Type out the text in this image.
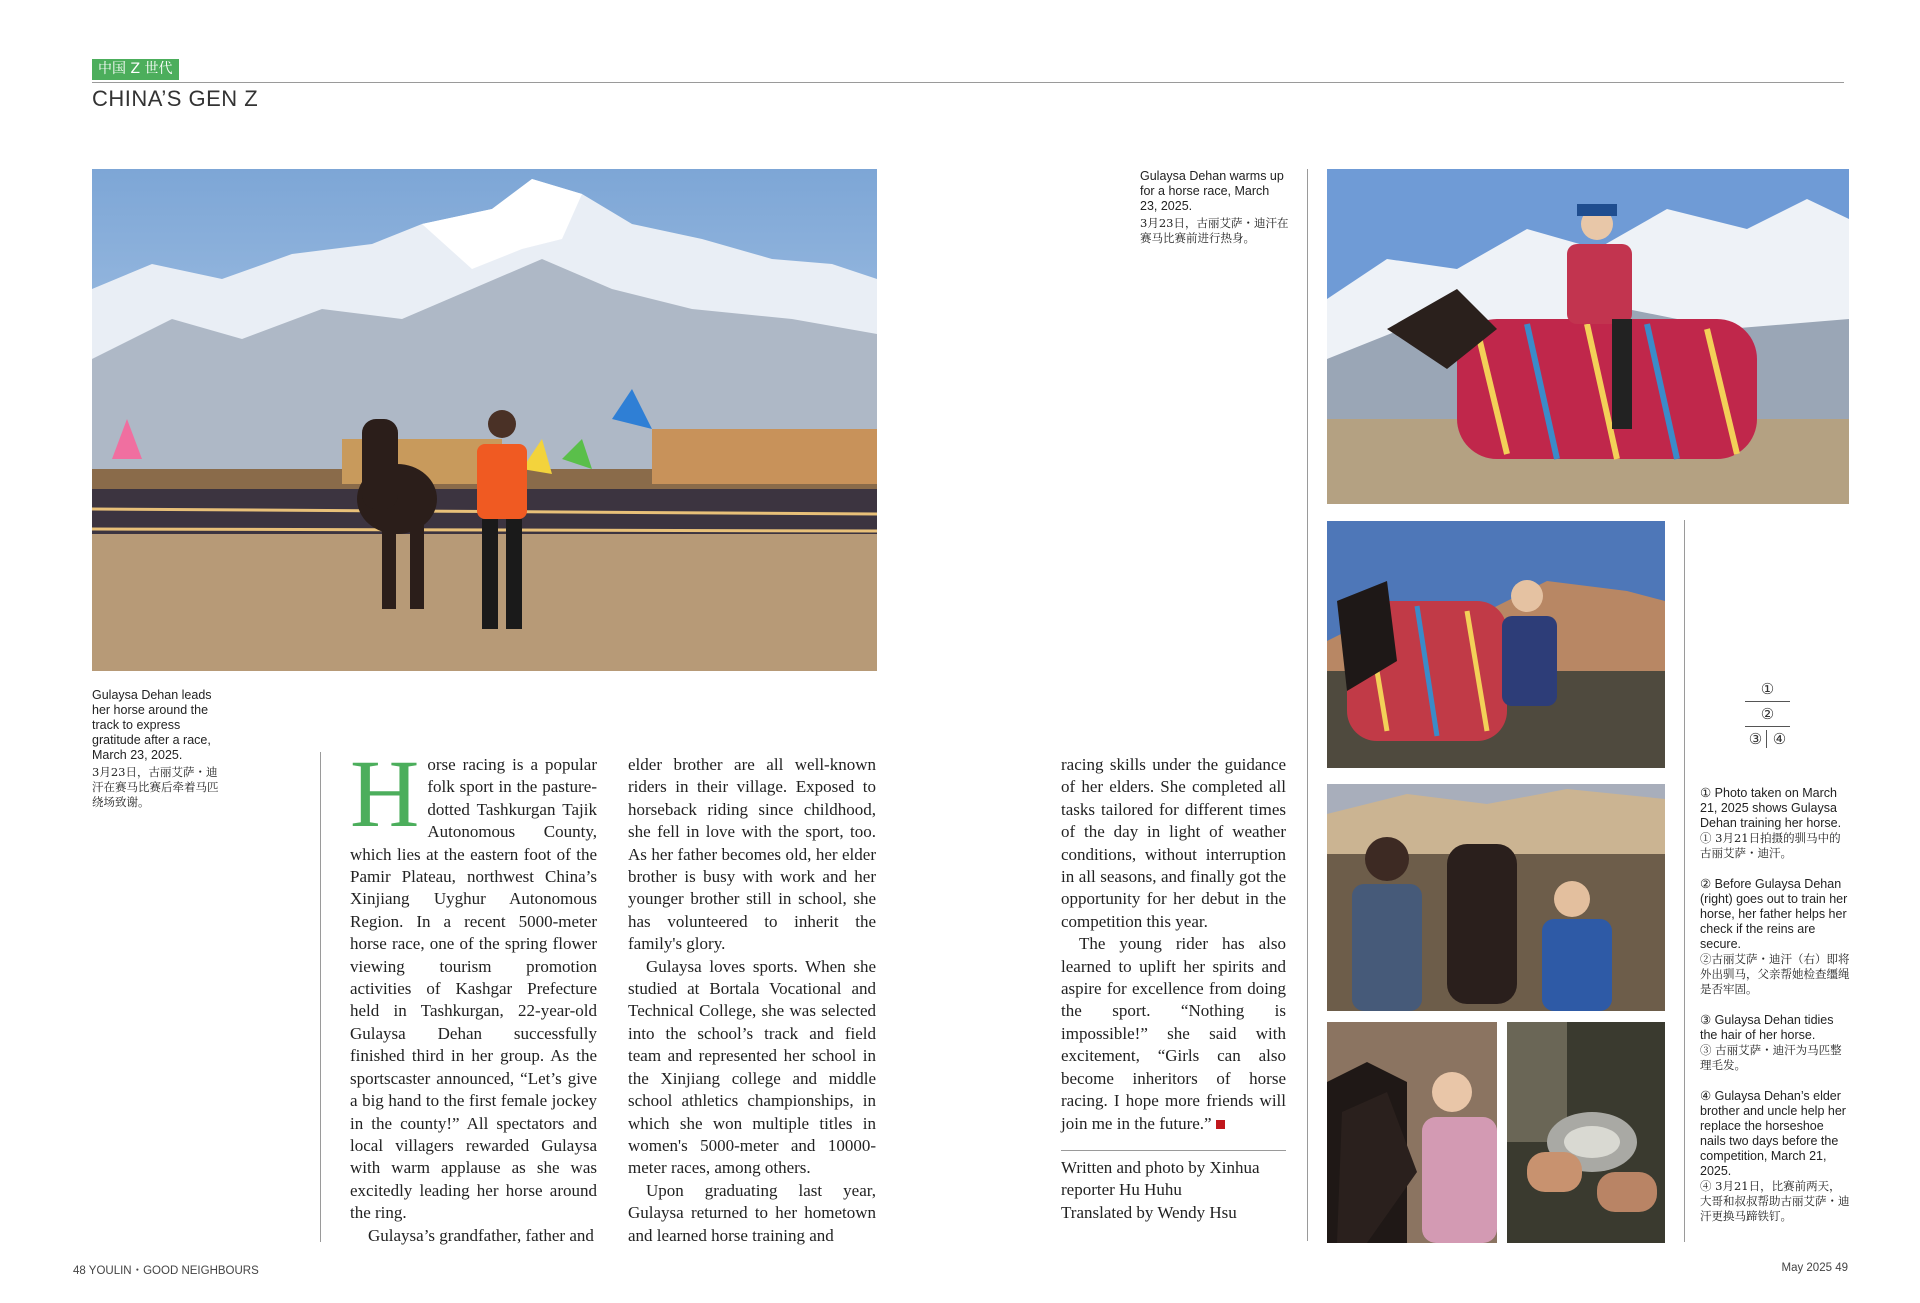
中国 Z 世代
CHINA’S GEN Z
Gulaysa Dehan leads her horse around the track to express gratitude after a race, March 23, 2025.
3月23日，古丽艾萨・迪汗在赛马比赛后牵着马匹绕场致谢。
Gulaysa Dehan warms up for a horse race, March 23, 2025.
3月23日，古丽艾萨・迪汗在赛马比赛前进行热身。

Horse racing is a popular folk sport in the pasture-dotted Tashkurgan Tajik Autonomous County, which lies at the eastern foot of the Pamir Plateau, northwest China’s Xinjiang Uyghur Autonomous Region. In a recent 5000-meter horse race, one of the spring flower viewing tourism promotion activities of Kashgar Prefecture held in Tashkurgan, 22-year-old Gulaysa Dehan successfully finished third in her group. As the sportscaster announced, “Let’s give a big hand to the first female jockey in the county!” All spectators and local villagers rewarded Gulaysa with warm applause as she was excitedly leading her horse around the ring.

Gulaysa’s grandfather, father and

elder brother are all well-known riders in their village. Exposed to horseback riding since childhood, she fell in love with the sport, too. As her father becomes old, her elder brother is busy with work and her younger brother still in school, she has volunteered to inherit the family's glory.

Gulaysa loves sports. When she studied at Bortala Vocational and Technical College, she was selected into the school’s track and field team and represented her school in the Xinjiang college and middle school athletics championships, in which she won multiple titles in women's 5000-meter and 10000-meter races, among others.

Upon graduating last year, Gulaysa returned to her hometown and learned horse training and

racing skills under the guidance of her elders. She completed all tasks tailored for different times of the day in light of weather conditions, without interruption in all seasons, and finally got the opportunity for her debut in the competition this year.

The young rider has also learned to uplift her spirits and aspire for excellence from doing the sport. “Nothing is impossible!” she said with excitement, “Girls can also become inheritors of horse racing. I hope more friends will join me in the future.”

Written and photo by Xinhua reporter Hu Huhu
Translated by Wendy Hsu
①
②
③ ④

① Photo taken on March 21, 2025 shows Gulaysa Dehan training her horse.

① 3月21日拍摄的驯马中的古丽艾萨・迪汗。

② Before Gulaysa Dehan (right) goes out to train her horse, her father helps her check if the reins are secure.

②古丽艾萨・迪汗（右）即将外出驯马，父亲帮她检查缰绳是否牢固。

③ Gulaysa Dehan tidies the hair of her horse.

③ 古丽艾萨・迪汗为马匹整理毛发。

④ Gulaysa Dehan’s elder brother and uncle help her replace the horseshoe nails two days before the competition, March 21, 2025.

④ 3月21日，比赛前两天，大哥和叔叔帮助古丽艾萨・迪汗更换马蹄铁钉。

48 YOULIN・GOOD NEIGHBOURS	May 2025 49
